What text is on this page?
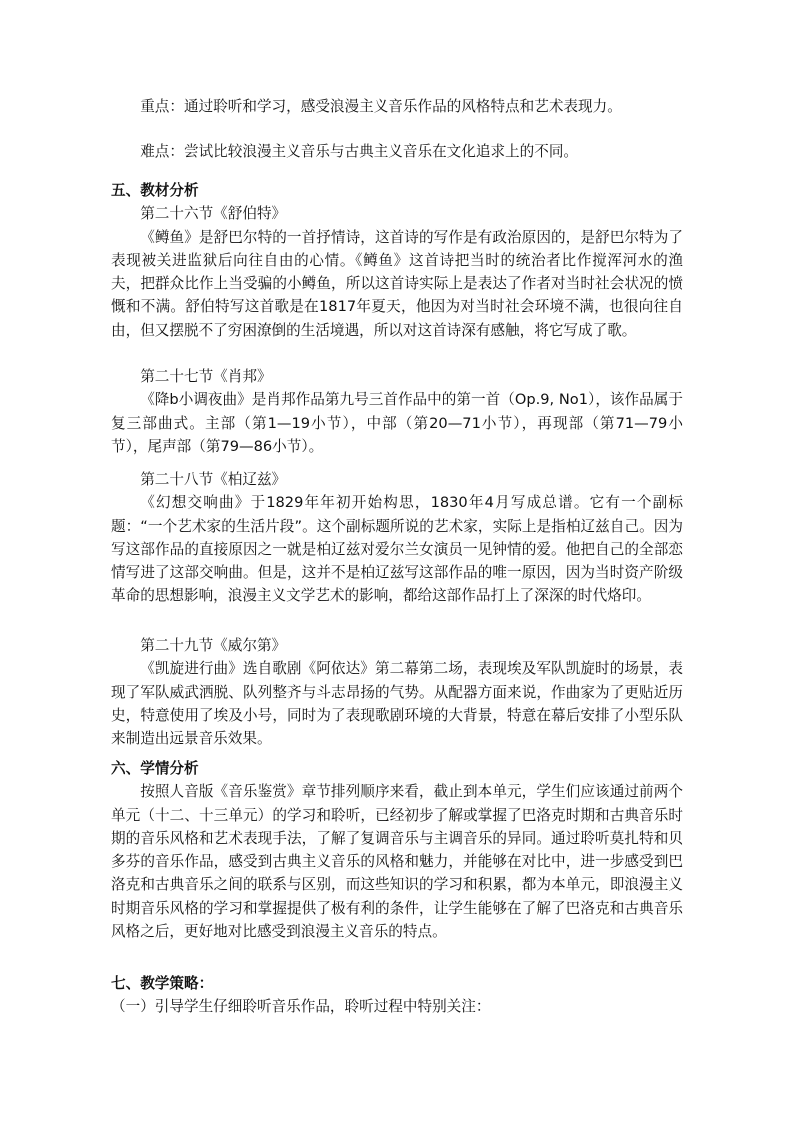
重点：通过聆听和学习，感受浪漫主义音乐作品的风格特点和艺术表现力。

难点：尝试比较浪漫主义音乐与古典主义音乐在文化追求上的不同。

五、教材分析

第二十六节《舒伯特》

《鳟鱼》是舒巴尔特的一首抒情诗，这首诗的写作是有政治原因的，是舒巴尔特为了表现被关进监狱后向往自由的心情。《鳟鱼》这首诗把当时的统治者比作搅浑河水的渔夫，把群众比作上当受骗的小鳟鱼，所以这首诗实际上是表达了作者对当时社会状况的愤慨和不满。舒伯特写这首歌是在1817年夏天，他因为对当时社会环境不满，也很向往自由，但又摆脱不了穷困潦倒的生活境遇，所以对这首诗深有感触，将它写成了歌。

第二十七节《肖邦》

《降b小调夜曲》是肖邦作品第九号三首作品中的第一首（Op.9, No1），该作品属于复三部曲式。主部（第1—19小节），中部（第20—71小节），再现部（第71—79小节），尾声部（第79—86小节）。

第二十八节《柏辽兹》

《幻想交响曲》于1829年年初开始构思，1830年4月写成总谱。它有一个副标题：“一个艺术家的生活片段”。这个副标题所说的艺术家，实际上是指柏辽兹自己。因为写这部作品的直接原因之一就是柏辽兹对爱尔兰女演员一见钟情的爱。他把自己的全部恋情写进了这部交响曲。但是，这并不是柏辽兹写这部作品的唯一原因，因为当时资产阶级革命的思想影响，浪漫主义文学艺术的影响，都给这部作品打上了深深的时代烙印。

第二十九节《威尔第》

《凯旋进行曲》选自歌剧《阿依达》第二幕第二场，表现埃及军队凯旋时的场景，表现了军队威武洒脱、队列整齐与斗志昂扬的气势。从配器方面来说，作曲家为了更贴近历史，特意使用了埃及小号，同时为了表现歌剧环境的大背景，特意在幕后安排了小型乐队来制造出远景音乐效果。

六、学情分析

按照人音版《音乐鉴赏》章节排列顺序来看，截止到本单元，学生们应该通过前两个单元（十二、十三单元）的学习和聆听，已经初步了解或掌握了巴洛克时期和古典音乐时期的音乐风格和艺术表现手法，了解了复调音乐与主调音乐的异同。通过聆听莫扎特和贝多芬的音乐作品，感受到古典主义音乐的风格和魅力，并能够在对比中，进一步感受到巴洛克和古典音乐之间的联系与区别，而这些知识的学习和积累，都为本单元，即浪漫主义时期音乐风格的学习和掌握提供了极有利的条件，让学生能够在了解了巴洛克和古典音乐风格之后，更好地对比感受到浪漫主义音乐的特点。

七、教学策略：

（一）引导学生仔细聆听音乐作品，聆听过程中特别关注：
